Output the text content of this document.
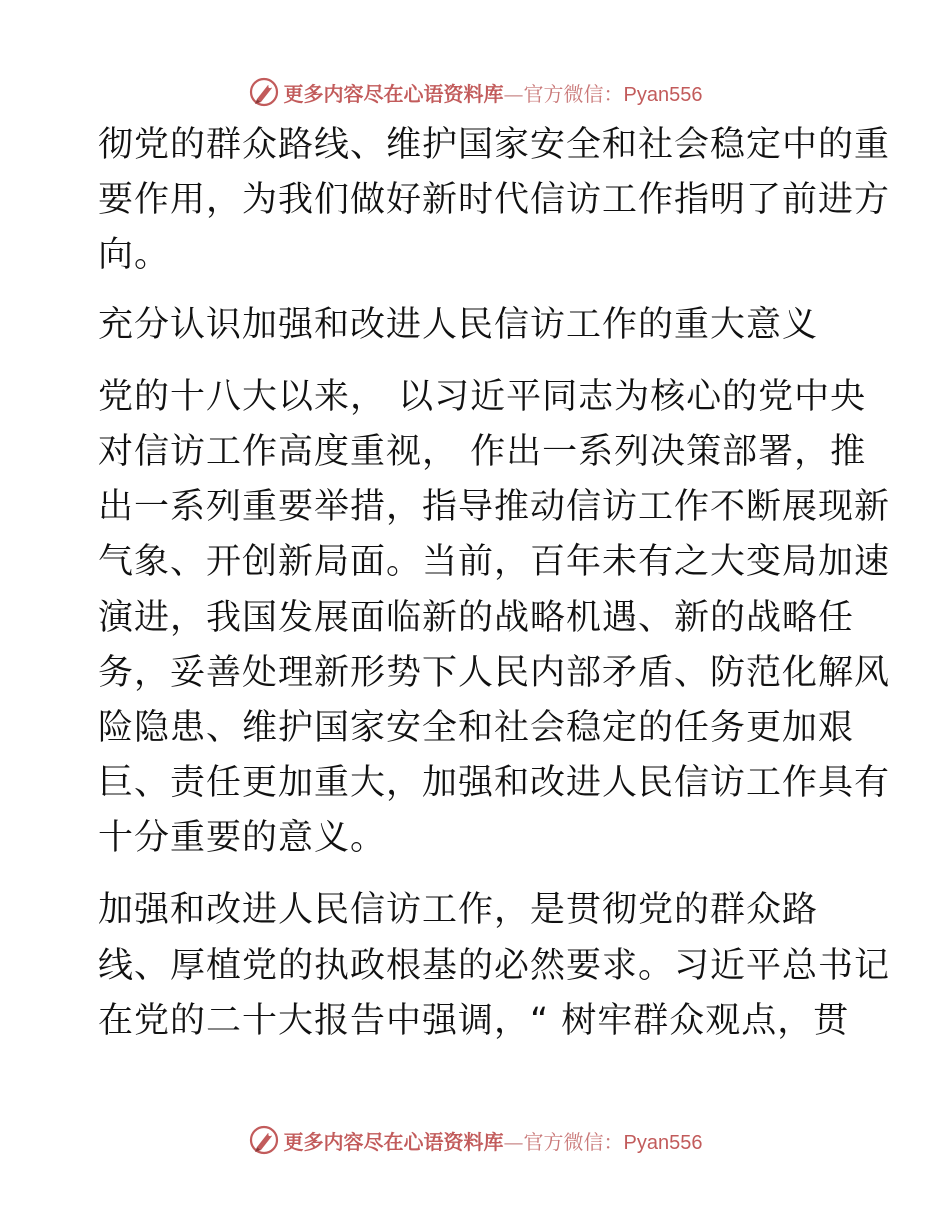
更多内容尽在心语资料库—官方微信：Pyan556
彻党的群众路线、维护国家安全和社会稳定中的重
要作用，为我们做好新时代信访工作指明了前进方
向。
充分认识加强和改进人民信访工作的重大意义
党的十八大以来， 以习近平同志为核心的党中央
对信访工作高度重视， 作出一系列决策部署，推
出一系列重要举措，指导推动信访工作不断展现新
气象、开创新局面。当前，百年未有之大变局加速
演进，我国发展面临新的战略机遇、新的战略任
务，妥善处理新形势下人民内部矛盾、防范化解风
险隐患、维护国家安全和社会稳定的任务更加艰
巨、责任更加重大，加强和改进人民信访工作具有
十分重要的意义。
加强和改进人民信访工作，是贯彻党的群众路
线、厚植党的执政根基的必然要求。习近平总书记
在党的二十大报告中强调，“ 树牢群众观点，贯
更多内容尽在心语资料库—官方微信：Pyan556
